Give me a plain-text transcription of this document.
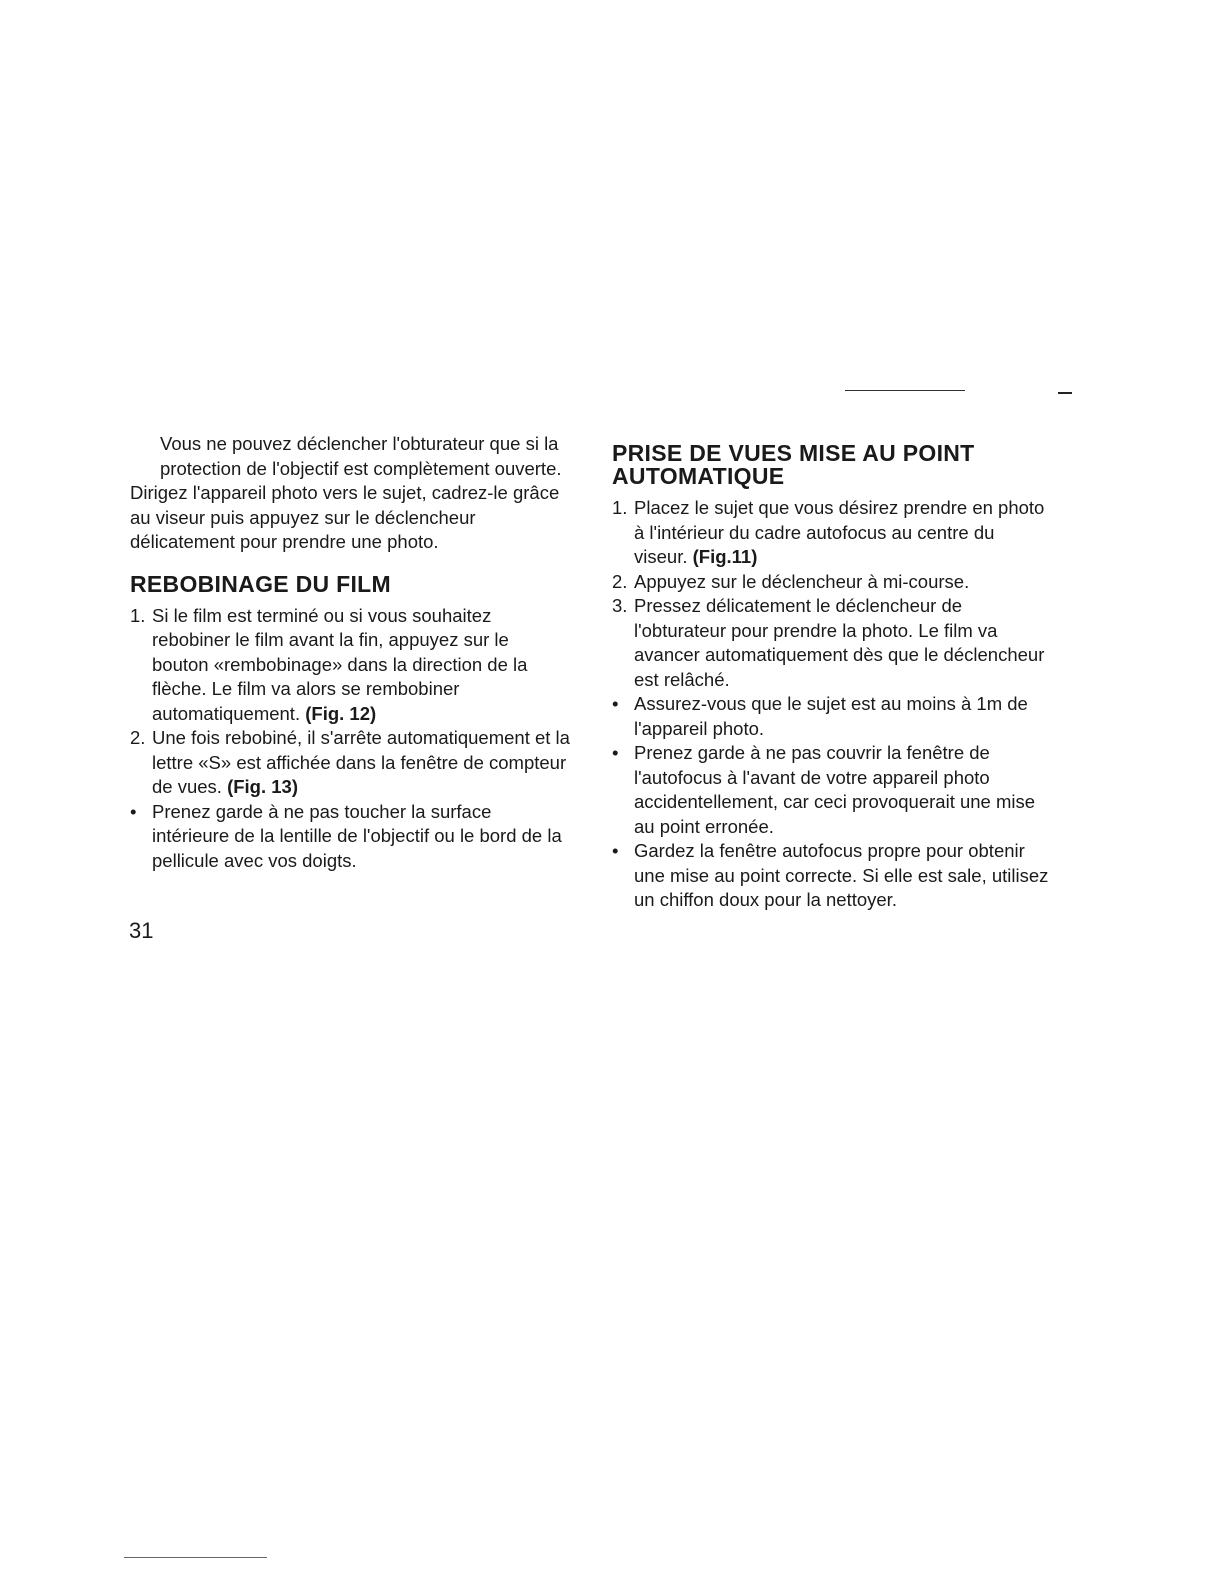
Vous ne pouvez déclencher l'obturateur que si la protection de l'objectif est complètement ouverte.

Dirigez l'appareil photo vers le sujet, cadrez-le grâce au viseur puis appuyez sur le déclencheur délicatement pour prendre une photo.

REBOBINAGE DU FILM
1. Si le film est terminé ou si vous souhaitez rebobiner le film avant la fin, appuyez sur le bouton «rembobinage» dans la direction de la flèche. Le film va alors se rembobiner automatiquement. (Fig. 12)
2. Une fois rebobiné, il s'arrête automatiquement et la lettre «S» est affichée dans la fenêtre de compteur de vues. (Fig. 13)
• Prenez garde à ne pas toucher la surface intérieure de la lentille de l'objectif ou le bord de la pellicule avec vos doigts.
PRISE DE VUES MISE AU POINT AUTOMATIQUE
1. Placez le sujet que vous désirez prendre en photo à l'intérieur du cadre autofocus au centre du viseur. (Fig.11)
2. Appuyez sur le déclencheur à mi-course.
3. Pressez délicatement le déclencheur de l'obturateur pour prendre la photo. Le film va avancer automatiquement dès que le déclencheur est relâché.
• Assurez-vous que le sujet est au moins à 1m de l'appareil photo.
• Prenez garde à ne pas couvrir la fenêtre de l'autofocus à l'avant de votre appareil photo accidentellement, car ceci provoquerait une mise au point erronée.
• Gardez la fenêtre autofocus propre pour obtenir une mise au point correcte. Si elle est sale, utilisez un chiffon doux pour la nettoyer.
31
